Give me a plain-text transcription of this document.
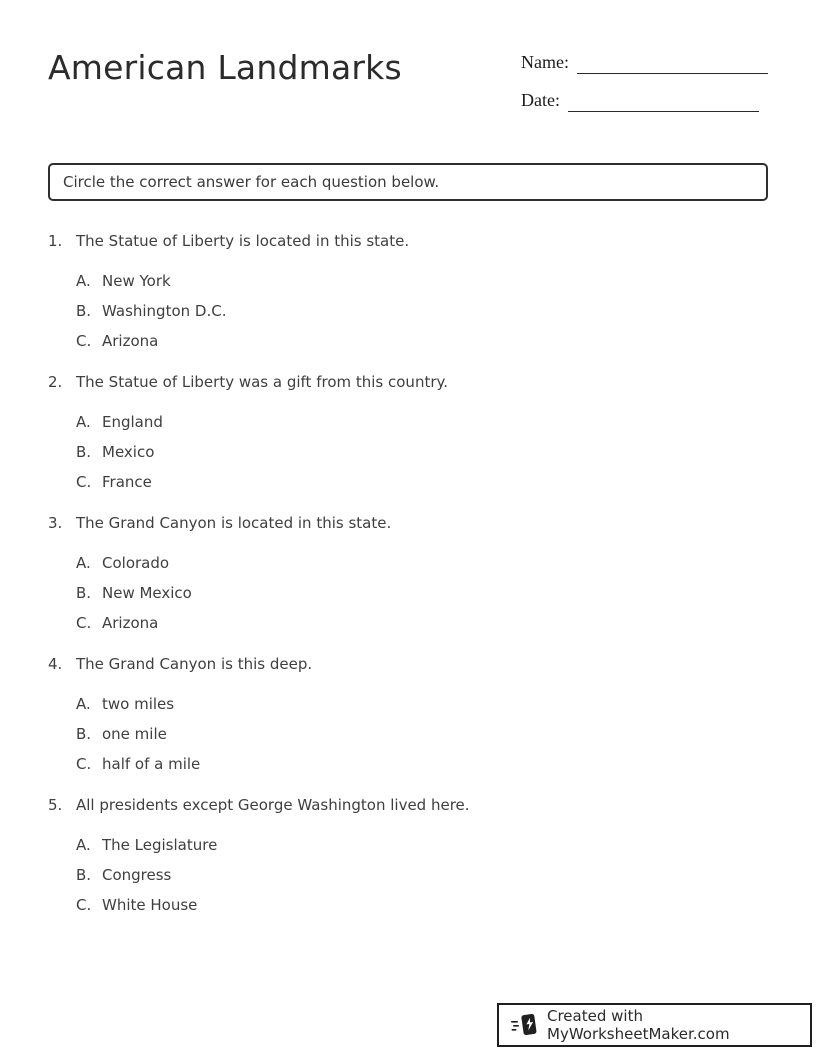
American Landmarks	Name:
Date:
Circle the correct answer for each question below.
1. The Statue of Liberty is located in this state.
A. New York
B. Washington D.C.
C. Arizona
2. The Statue of Liberty was a gift from this country.
A. England
B. Mexico
C. France
3. The Grand Canyon is located in this state.
A. Colorado
B. New Mexico
C. Arizona
4. The Grand Canyon is this deep.
A. two miles
B. one mile
C. half of a mile
5. All presidents except George Washington lived here.
A. The Legislature
B. Congress
C. White House
Created with MyWorksheetMaker.com
